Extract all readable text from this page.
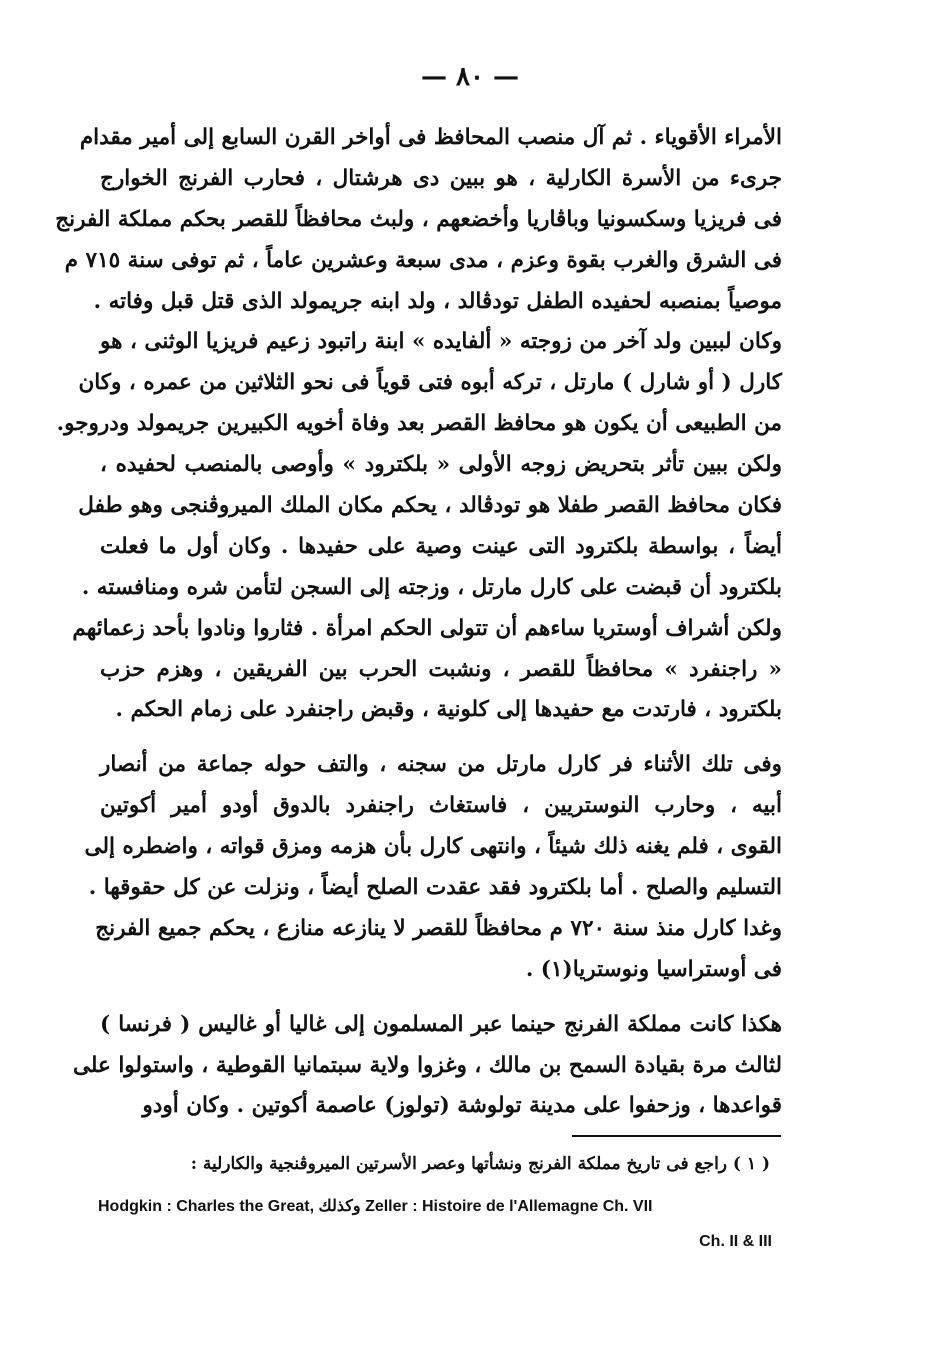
— ٨٠ —
الأمراء الأقوياء . ثم آل منصب المحافظ فى أواخر القرن السابع إلى أمير مقدام
جرىء من الأسرة الكارلية ، هو ببين دى هرشتال ، فحارب الفرنج الخوارج
فى فريزيا وسكسونيا وباڤاريا وأخضعهم ، ولبث محافظاً للقصر بحكم مملكة الفرنج
فى الشرق والغرب بقوة وعزم ، مدى سبعة وعشرين عاماً ، ثم توفى سنة ٧١٥ م
موصياً بمنصبه لحفيده الطفل تودڤالد ، ولد ابنه جريمولد الذى قتل قبل وفاته .
وكان لببين ولد آخر من زوجته « ألفايده » ابنة راتبود زعيم فريزيا الوثنى ، هو
كارل ( أو شارل ) مارتل ، تركه أبوه فتى قوياً فى نحو الثلاثين من عمره ، وكان
من الطبيعى أن يكون هو محافظ القصر بعد وفاة أخويه الكبيرين جريمولد ودروجو.
ولكن ببين تأثر بتحريض زوجه الأولى « بلكترود » وأوصى بالمنصب لحفيده ،
فكان محافظ القصر طفلا هو تودڤالد ، يحكم مكان الملك الميروڤنجى وهو طفل
أيضاً ، بواسطة بلكترود التى عينت وصية على حفيدها . وكان أول ما فعلت
بلكترود أن قبضت على كارل مارتل ، وزجته إلى السجن لتأمن شره ومنافسته .
ولكن أشراف أوستريا ساءهم أن تتولى الحكم امرأة . فثاروا ونادوا بأحد زعمائهم
« راجنفرد » محافظاً للقصر ، ونشبت الحرب بين الفريقين ، وهزم حزب
بلكترود ، فارتدت مع حفيدها إلى كلونية ، وقبض راجنفرد على زمام الحكم .
وفى تلك الأثناء فر كارل مارتل من سجنه ، والتف حوله جماعة من أنصار
أبيه ، وحارب النوستريين ، فاستغاث راجنفرد بالدوق أودو أمير أكوتين
القوى ، فلم يغنه ذلك شيئاً ، وانتهى كارل بأن هزمه ومزق قواته ، واضطره إلى
التسليم والصلح . أما بلكترود فقد عقدت الصلح أيضاً ، ونزلت عن كل حقوقها .
وغدا كارل منذ سنة ٧٢٠ م محافظاً للقصر لا ينازعه منازع ، يحكم جميع الفرنج
فى أوستراسيا ونوستريا(١) .
هكذا كانت مملكة الفرنج حينما عبر المسلمون إلى غاليا أو غاليس ( فرنسا )
لثالث مرة بقيادة السمح بن مالك ، وغزوا ولاية سبتمانيا القوطية ، واستولوا على
قواعدها ، وزحفوا على مدينة تولوشة (تولوز) عاصمة أكوتين . وكان أودو
( ١ ) راجع فى تاريخ مملكة الفرنج ونشأتها وعصر الأسرتين الميروڤنجية والكارلية :
Hodgkin : Charles the Great, وكذلك Zeller : Histoire de l'Allemagne Ch. VII
Ch. II & III
